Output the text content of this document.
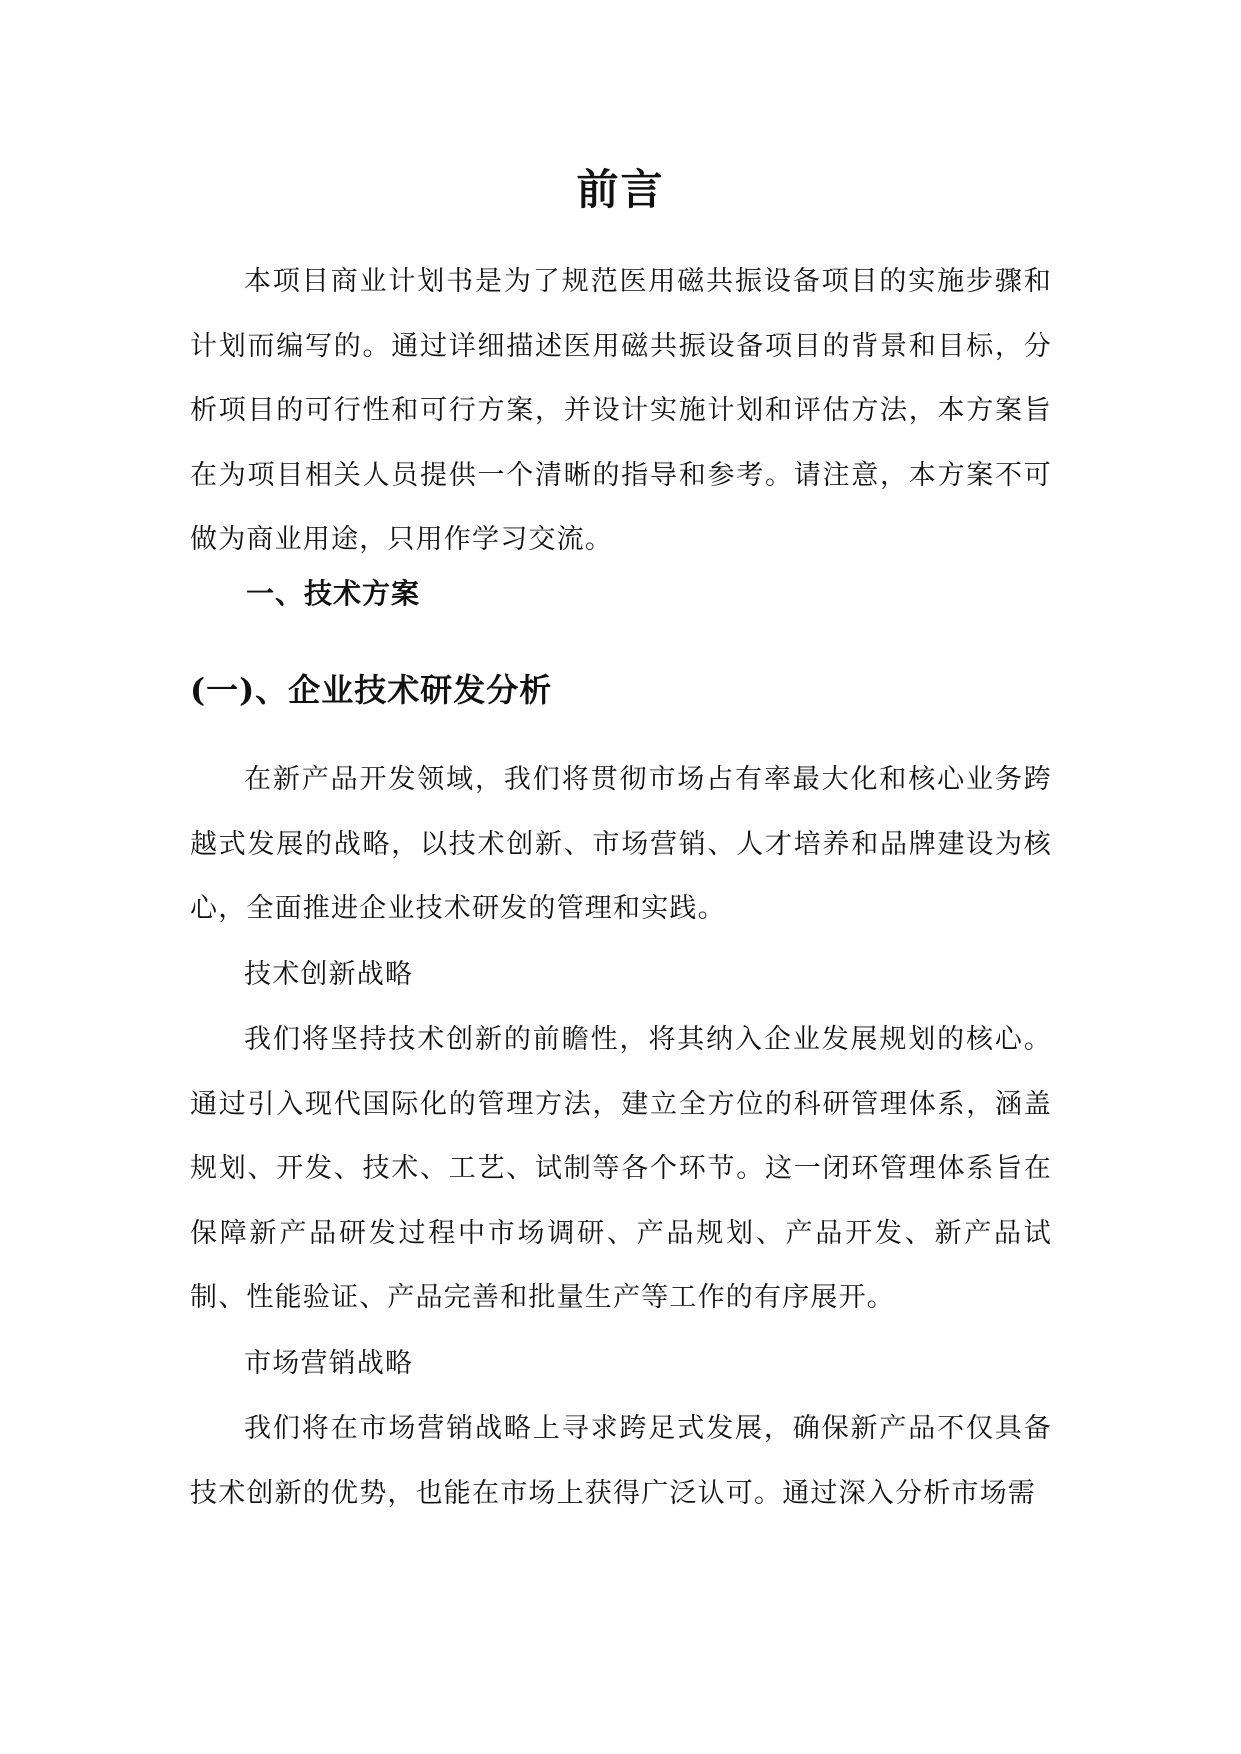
前言

本项目商业计划书是为了规范医用磁共振设备项目的实施步骤和计划而编写的。通过详细描述医用磁共振设备项目的背景和目标，分析项目的可行性和可行方案，并设计实施计划和评估方法，本方案旨在为项目相关人员提供一个清晰的指导和参考。请注意，本方案不可做为商业用途，只用作学习交流。

一、技术方案

(一)、企业技术研发分析

在新产品开发领域，我们将贯彻市场占有率最大化和核心业务跨越式发展的战略，以技术创新、市场营销、人才培养和品牌建设为核心，全面推进企业技术研发的管理和实践。

技术创新战略

我们将坚持技术创新的前瞻性，将其纳入企业发展规划的核心。通过引入现代国际化的管理方法，建立全方位的科研管理体系，涵盖规划、开发、技术、工艺、试制等各个环节。这一闭环管理体系旨在保障新产品研发过程中市场调研、产品规划、产品开发、新产品试制、性能验证、产品完善和批量生产等工作的有序展开。

市场营销战略

我们将在市场营销战略上寻求跨足式发展，确保新产品不仅具备技术创新的优势，也能在市场上获得广泛认可。通过深入分析市场需
